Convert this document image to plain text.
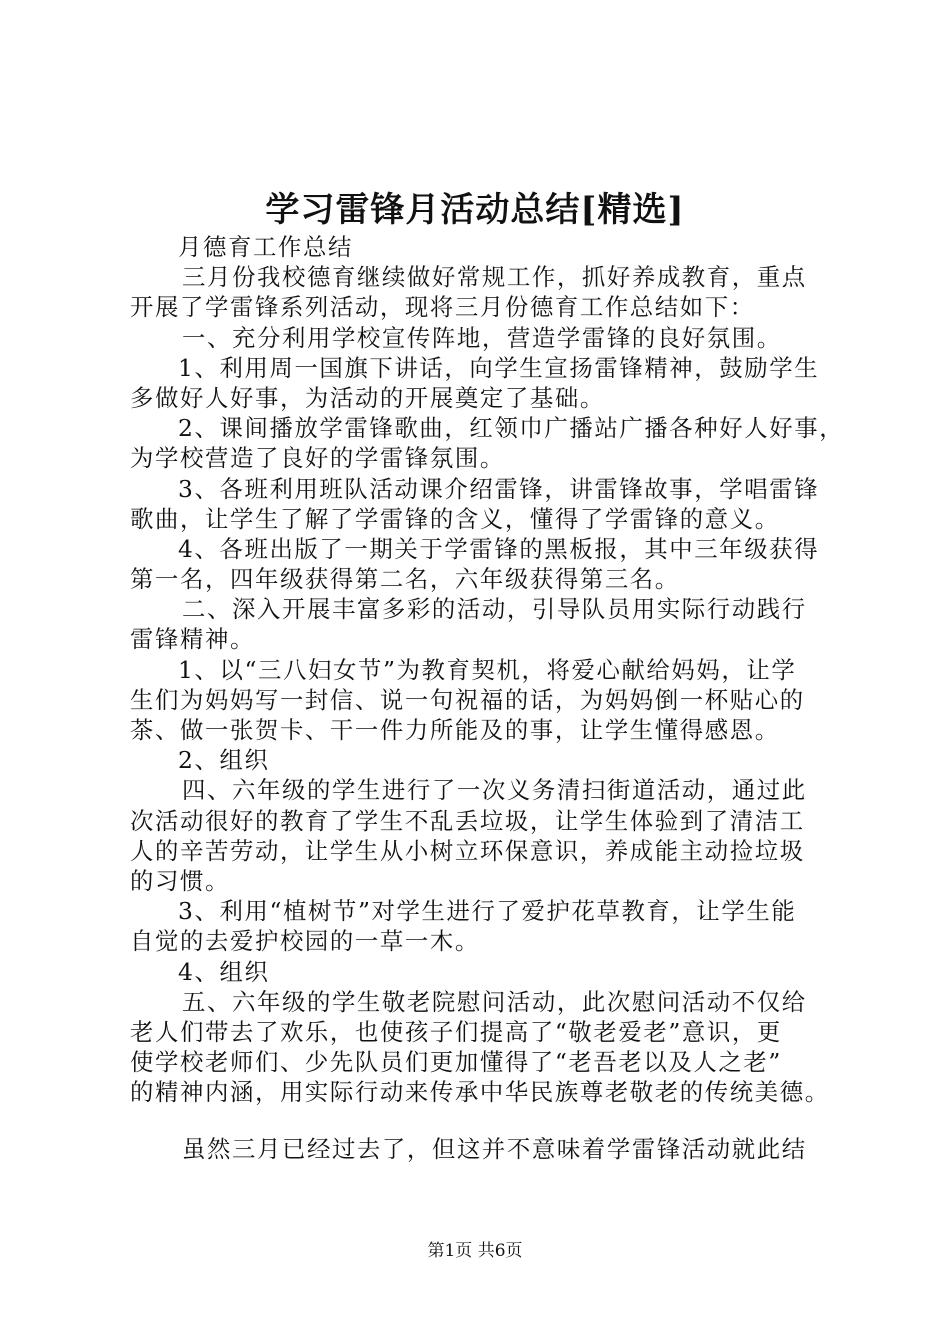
学习雷锋月活动总结[精选]
月德育工作总结
三月份我校德育继续做好常规工作，抓好养成教育，重点
开展了学雷锋系列活动，现将三月份德育工作总结如下：
一、充分利用学校宣传阵地，营造学雷锋的良好氛围。
1、利用周一国旗下讲话，向学生宣扬雷锋精神，鼓励学生
多做好人好事，为活动的开展奠定了基础。
2、课间播放学雷锋歌曲，红领巾广播站广播各种好人好事，
为学校营造了良好的学雷锋氛围。
3、各班利用班队活动课介绍雷锋，讲雷锋故事，学唱雷锋
歌曲，让学生了解了学雷锋的含义，懂得了学雷锋的意义。
4、各班出版了一期关于学雷锋的黑板报，其中三年级获得
第一名，四年级获得第二名，六年级获得第三名。
二、深入开展丰富多彩的活动，引导队员用实际行动践行
雷锋精神。
1、以“三八妇女节”为教育契机，将爱心献给妈妈，让学
生们为妈妈写一封信、说一句祝福的话，为妈妈倒一杯贴心的
茶、做一张贺卡、干一件力所能及的事，让学生懂得感恩。
2、组织
四、六年级的学生进行了一次义务清扫街道活动，通过此
次活动很好的教育了学生不乱丢垃圾，让学生体验到了清洁工
人的辛苦劳动，让学生从小树立环保意识，养成能主动捡垃圾
的习惯。
3、利用“植树节”对学生进行了爱护花草教育，让学生能
自觉的去爱护校园的一草一木。
4、组织
五、六年级的学生敬老院慰问活动，此次慰问活动不仅给
老人们带去了欢乐，也使孩子们提高了“敬老爱老”意识，更
使学校老师们、少先队员们更加懂得了“老吾老以及人之老”
的精神内涵，用实际行动来传承中华民族尊老敬老的传统美德。
虽然三月已经过去了，但这并不意味着学雷锋活动就此结
第1页 共6页
